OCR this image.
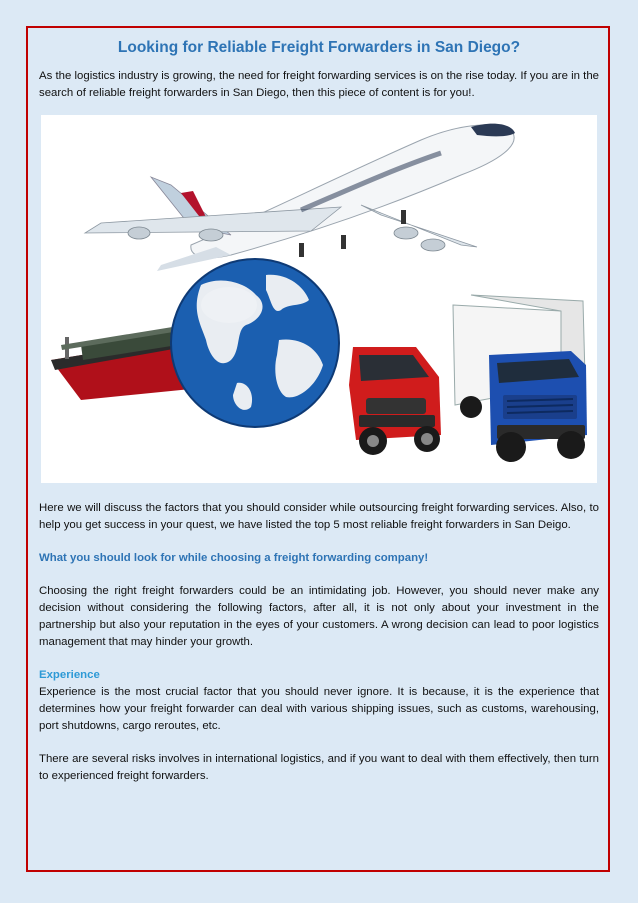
Looking for Reliable Freight Forwarders in San Diego?

As the logistics industry is growing, the need for freight forwarding services is on the rise today. If you are in the search of reliable freight forwarders in San Diego, then this piece of content is for you!.

Here we will discuss the factors that you should consider while outsourcing freight forwarding services. Also, to help you get success in your quest, we have listed the top 5 most reliable freight forwarders in San Deigo.

What you should look for while choosing a freight forwarding company!

Choosing the right freight forwarders could be an intimidating job. However, you should never make any decision without considering the following factors, after all, it is not only about your investment in the partnership but also your reputation in the eyes of your customers. A wrong decision can lead to poor logistics management that may hinder your growth.

Experience

Experience is the most crucial factor that you should never ignore. It is because, it is the experience that determines how your freight forwarder can deal with various shipping issues, such as customs, warehousing, port shutdowns, cargo reroutes, etc.

There are several risks involves in international logistics, and if you want to deal with them effectively, then turn to experienced freight forwarders.
